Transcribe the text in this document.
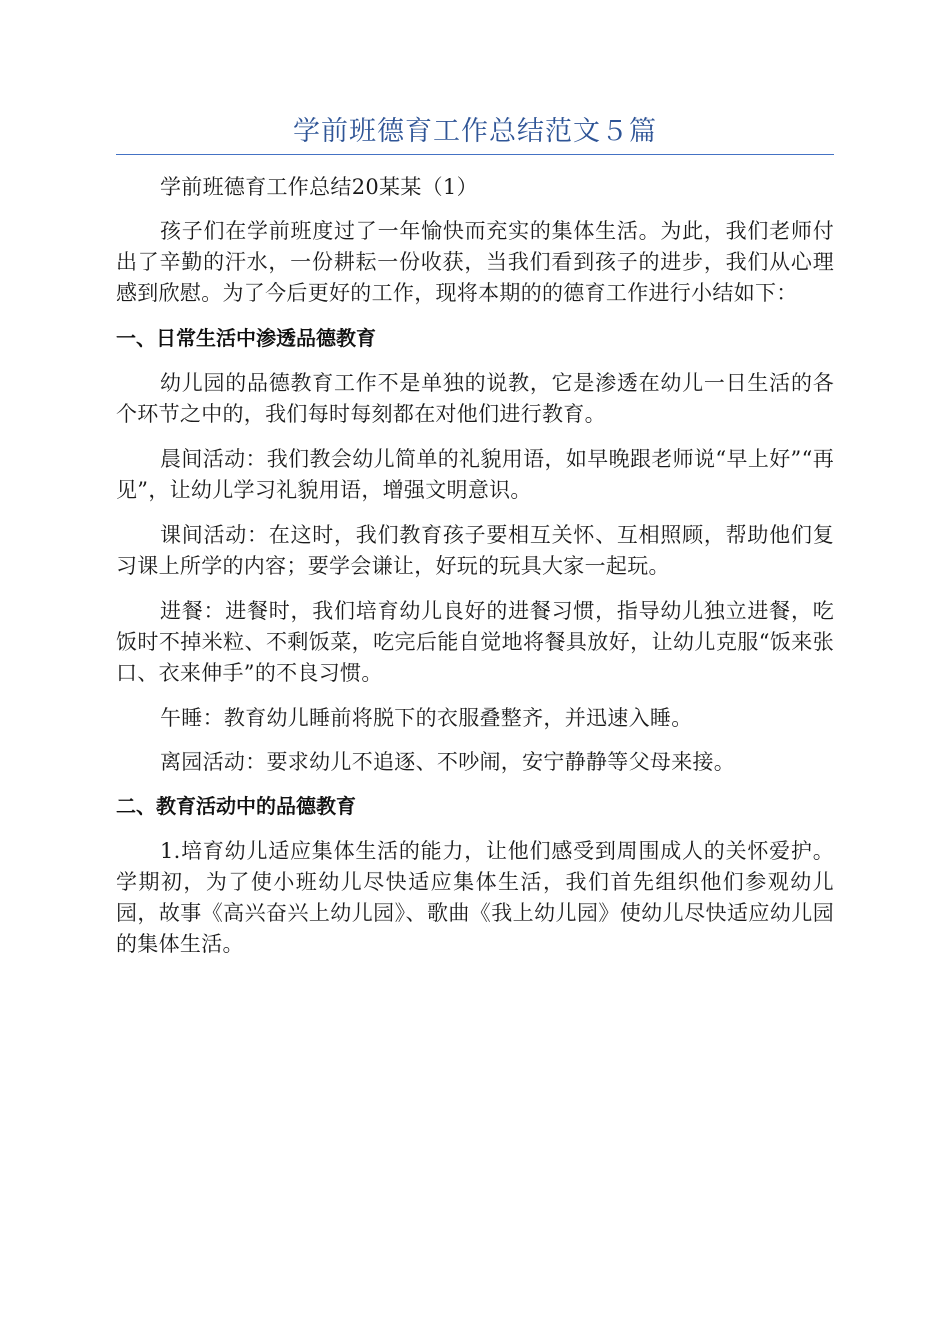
学前班德育工作总结范文５篇

学前班德育工作总结20某某（1）

孩子们在学前班度过了一年愉快而充实的集体生活。为此，我们老师付出了辛勤的汗水，一份耕耘一份收获，当我们看到孩子的进步，我们从心理感到欣慰。为了今后更好的工作，现将本期的的德育工作进行小结如下：

一、日常生活中渗透品德教育

幼儿园的品德教育工作不是单独的说教，它是渗透在幼儿一日生活的各个环节之中的，我们每时每刻都在对他们进行教育。

晨间活动：我们教会幼儿简单的礼貌用语，如早晚跟老师说“早上好”“再见”，让幼儿学习礼貌用语，增强文明意识。

课间活动：在这时，我们教育孩子要相互关怀、互相照顾，帮助他们复习课上所学的内容；要学会谦让，好玩的玩具大家一起玩。

进餐：进餐时，我们培育幼儿良好的进餐习惯，指导幼儿独立进餐，吃饭时不掉米粒、不剩饭菜，吃完后能自觉地将餐具放好，让幼儿克服“饭来张口、衣来伸手”的不良习惯。

午睡：教育幼儿睡前将脱下的衣服叠整齐，并迅速入睡。

离园活动：要求幼儿不追逐、不吵闹，安宁静静等父母来接。

二、教育活动中的品德教育

1.培育幼儿适应集体生活的能力，让他们感受到周围成人的关怀爱护。学期初，为了使小班幼儿尽快适应集体生活，我们首先组织他们参观幼儿园，故事《高兴奋兴上幼儿园》、歌曲《我上幼儿园》使幼儿尽快适应幼儿园的集体生活。
